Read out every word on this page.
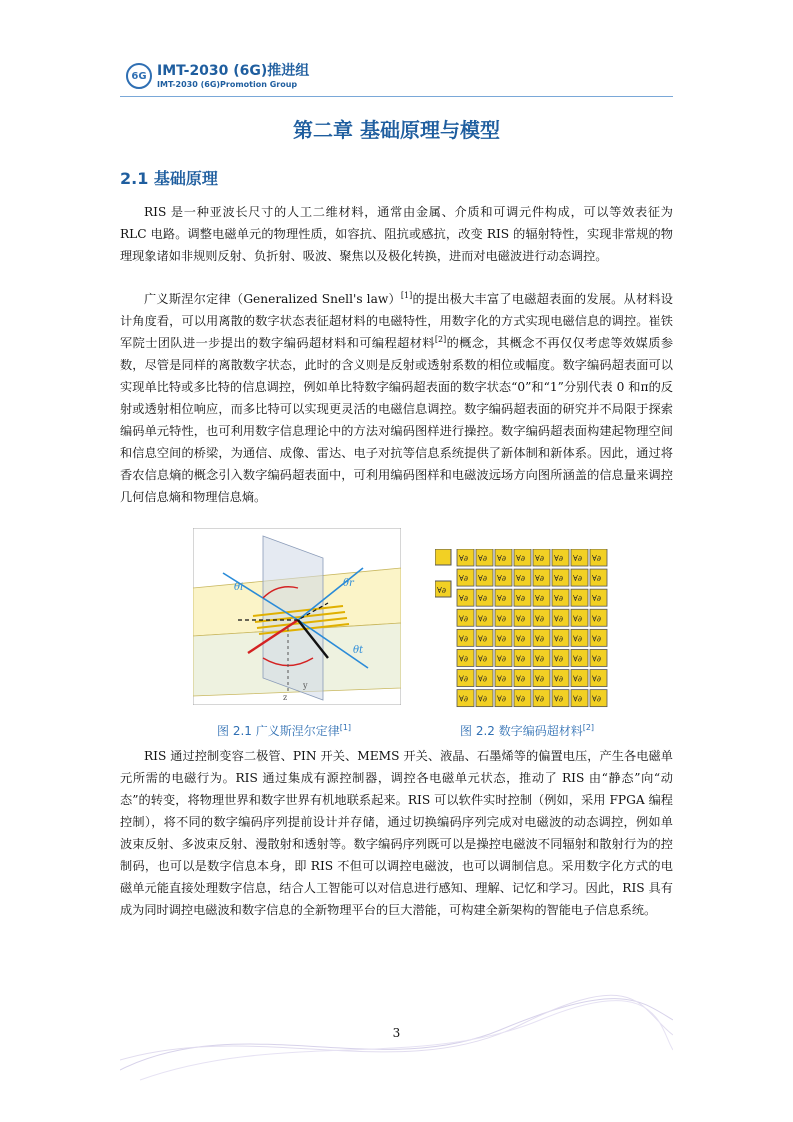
6G IMT-2030 (6G)推进组
IMT-2030 (6G)Promotion Group
第二章 基础原理与模型
2.1 基础原理

RIS 是一种亚波长尺寸的人工二维材料，通常由金属、介质和可调元件构成，可以等效表征为 RLC 电路。调整电磁单元的物理性质，如容抗、阻抗或感抗，改变 RIS 的辐射特性，实现非常规的物理现象诸如非规则反射、负折射、吸波、聚焦以及极化转换，进而对电磁波进行动态调控。

广义斯涅尔定律（Generalized Snell's law）[1]的提出极大丰富了电磁超表面的发展。从材料设计角度看，可以用离散的数字状态表征超材料的电磁特性，用数字化的方式实现电磁信息的调控。崔铁军院士团队进一步提出的数字编码超材料和可编程超材料[2]的概念，其概念不再仅仅考虑等效媒质参数，尽管是同样的离散数字状态，此时的含义则是反射或透射系数的相位或幅度。数字编码超表面可以实现单比特或多比特的信息调控，例如单比特数字编码超表面的数字状态“0”和“1”分别代表 0 和π的反射或透射相位响应，而多比特可以实现更灵活的电磁信息调控。数字编码超表面的研究并不局限于探索编码单元特性，也可利用数字信息理论中的方法对编码图样进行操控。数字编码超表面构建起物理空间和信息空间的桥梁，为通信、成像、雷达、电子对抗等信息系统提供了新体制和新体系。因此，通过将香农信息熵的概念引入数字编码超表面中，可利用编码图样和电磁波远场方向图所涵盖的信息量来调控几何信息熵和物理信息熵。

θi	θr
θt
z
y
图 2.1 广义斯涅尔定律[1]
∀∂
∀∂ ∀∂ ∀∂ ∀∂ ∀∂ ∀∂ ∀∂ ∀∂
∀∂ ∀∂ ∀∂ ∀∂ ∀∂ ∀∂ ∀∂ ∀∂
∀∂ ∀∂ ∀∂ ∀∂ ∀∂ ∀∂ ∀∂ ∀∂
∀∂ ∀∂ ∀∂ ∀∂ ∀∂ ∀∂ ∀∂ ∀∂
∀∂ ∀∂ ∀∂ ∀∂ ∀∂ ∀∂ ∀∂ ∀∂
∀∂ ∀∂ ∀∂ ∀∂ ∀∂ ∀∂ ∀∂ ∀∂
∀∂ ∀∂ ∀∂ ∀∂ ∀∂ ∀∂ ∀∂ ∀∂
∀∂ ∀∂ ∀∂ ∀∂ ∀∂ ∀∂ ∀∂ ∀∂
图 2.2 数字编码超材料[2]

RIS 通过控制变容二极管、PIN 开关、MEMS 开关、液晶、石墨烯等的偏置电压，产生各电磁单元所需的电磁行为。RIS 通过集成有源控制器，调控各电磁单元状态，推动了 RIS 由“静态”向“动态”的转变，将物理世界和数字世界有机地联系起来。RIS 可以软件实时控制（例如，采用 FPGA 编程控制），将不同的数字编码序列提前设计并存储，通过切换编码序列完成对电磁波的动态调控，例如单波束反射、多波束反射、漫散射和透射等。数字编码序列既可以是操控电磁波不同辐射和散射行为的控制码，也可以是数字信息本身，即 RIS 不但可以调控电磁波，也可以调制信息。采用数字化方式的电磁单元能直接处理数字信息，结合人工智能可以对信息进行感知、理解、记忆和学习。因此，RIS 具有成为同时调控电磁波和数字信息的全新物理平台的巨大潜能，可构建全新架构的智能电子信息系统。

3
